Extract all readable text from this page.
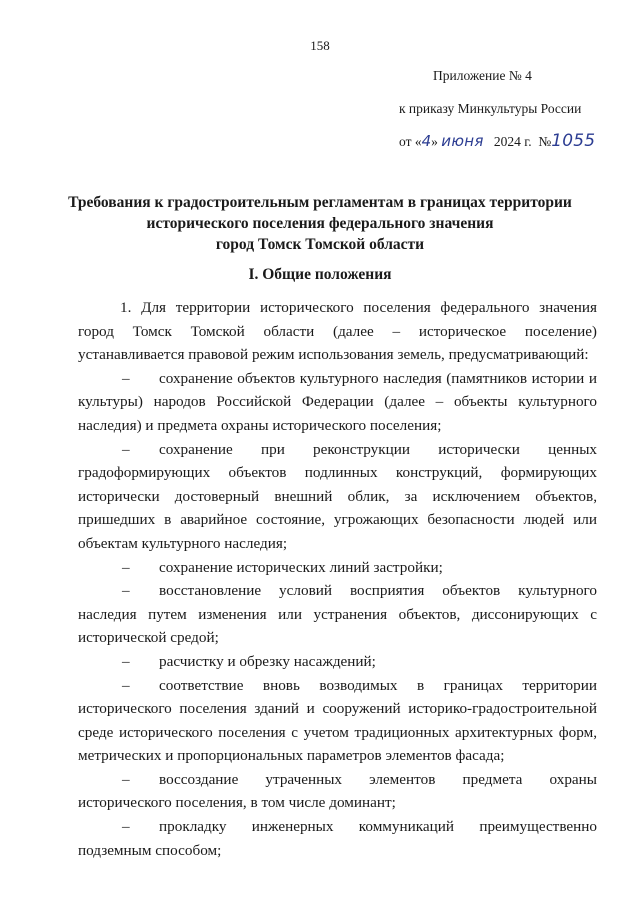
158
Приложение № 4
к приказу Минкультуры России
от «4» июня 2024 г. №1055
Требования к градостроительным регламентам в границах территории
исторического поселения федерального значения
город Томск Томской области
I. Общие положения

1. Для территории исторического поселения федерального значения город Томск Томской области (далее – историческое поселение) устанавливается правовой режим использования земель, предусматривающий:

– сохранение объектов культурного наследия (памятников истории и культуры) народов Российской Федерации (далее – объекты культурного наследия) и предмета охраны исторического поселения;

– сохранение при реконструкции исторически ценных градоформирующих объектов подлинных конструкций, формирующих исторически достоверный внешний облик, за исключением объектов, пришедших в аварийное состояние, угрожающих безопасности людей или объектам культурного наследия;

– сохранение исторических линий застройки;

– восстановление условий восприятия объектов культурного наследия путем изменения или устранения объектов, диссонирующих с исторической средой;

– расчистку и обрезку насаждений;

– соответствие вновь возводимых в границах территории исторического поселения зданий и сооружений историко-градостроительной среде исторического поселения с учетом традиционных архитектурных форм, метрических и пропорциональных параметров элементов фасада;

– воссоздание утраченных элементов предмета охраны исторического поселения, в том числе доминант;

– прокладку инженерных коммуникаций преимущественно подземным способом;
